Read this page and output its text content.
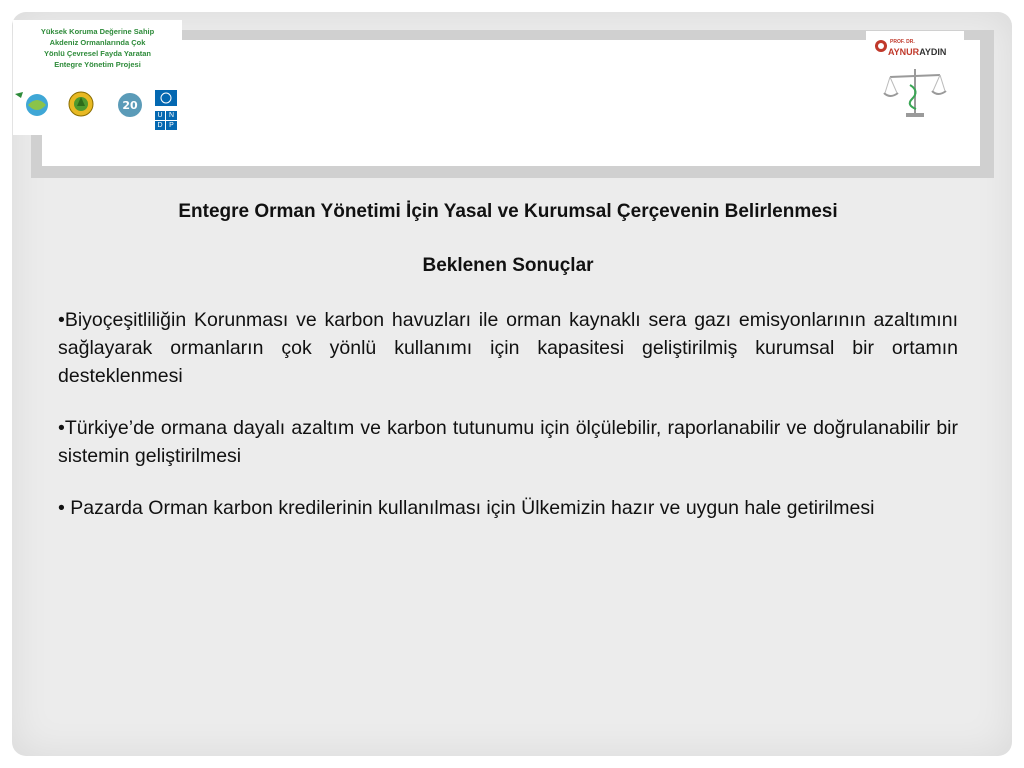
Yüksek Koruma Değerine Sahip
Akdeniz Ormanlarında Çok
Yönlü Çevresel Fayda Yaratan
Entegre Yönetim Projesi
20
U N
D P
PROF. DR.
AYNURAYDIN
Entegre Orman Yönetimi İçin Yasal ve Kurumsal Çerçevenin Belirlenmesi
Beklenen Sonuçlar
•Biyoçeşitliliğin Korunması ve karbon havuzları ile orman kaynaklı sera gazı emisyonlarının azaltımını sağlayarak ormanların çok yönlü kullanımı için kapasitesi geliştirilmiş kurumsal bir ortamın desteklenmesi
•Türkiye’de ormana dayalı azaltım ve karbon tutunumu için ölçülebilir, raporlanabilir ve doğrulanabilir bir sistemin geliştirilmesi
• Pazarda Orman karbon kredilerinin kullanılması için Ülkemizin hazır ve uygun hale getirilmesi
